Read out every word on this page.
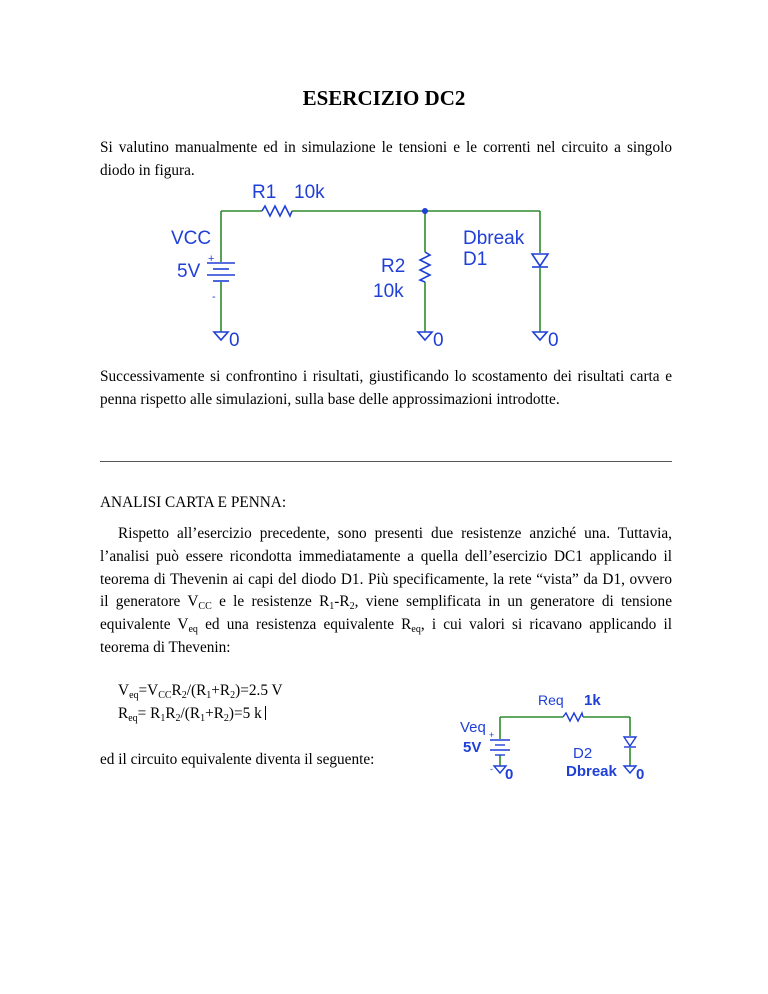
ESERCIZIO DC2
Si valutino manualmente ed in simulazione le tensioni e le correnti nel circuito a singolo diodo in figura.
R1 10k
VCC
5V
+
-
R2
10k
Dbreak
D1
0	0	0
Successivamente si confrontino i risultati, giustificando lo scostamento dei risultati carta e penna rispetto alle simulazioni, sulla base delle approssimazioni introdotte.
ANALISI CARTA E PENNA:
Rispetto all’esercizio precedente, sono presenti due resistenze anziché una. Tuttavia, l’analisi può essere ricondotta immediatamente a quella dell’esercizio DC1 applicando il teorema di Thevenin ai capi del diodo D1. Più specificamente, la rete “vista” da D1, ovvero il generatore $V_{CC}$ e le resistenze $R_1-R_2$, viene semplificata in un generatore di tensione equivalente $V_{eq}$ ed una resistenza equivalente $R_{eq}$, i cui valori si ricavano applicando il teorema di Thevenin:
$V_{eq}=V_{CC}R_2/(R_1+R_2)=2.5$ V
$R_{eq}= R_1R_2/(R_1+R_2)=5$ k
ed il circuito equivalente diventa il seguente:
Req 1k
Veq
5V
+
-
D2
Dbreak
0	0
